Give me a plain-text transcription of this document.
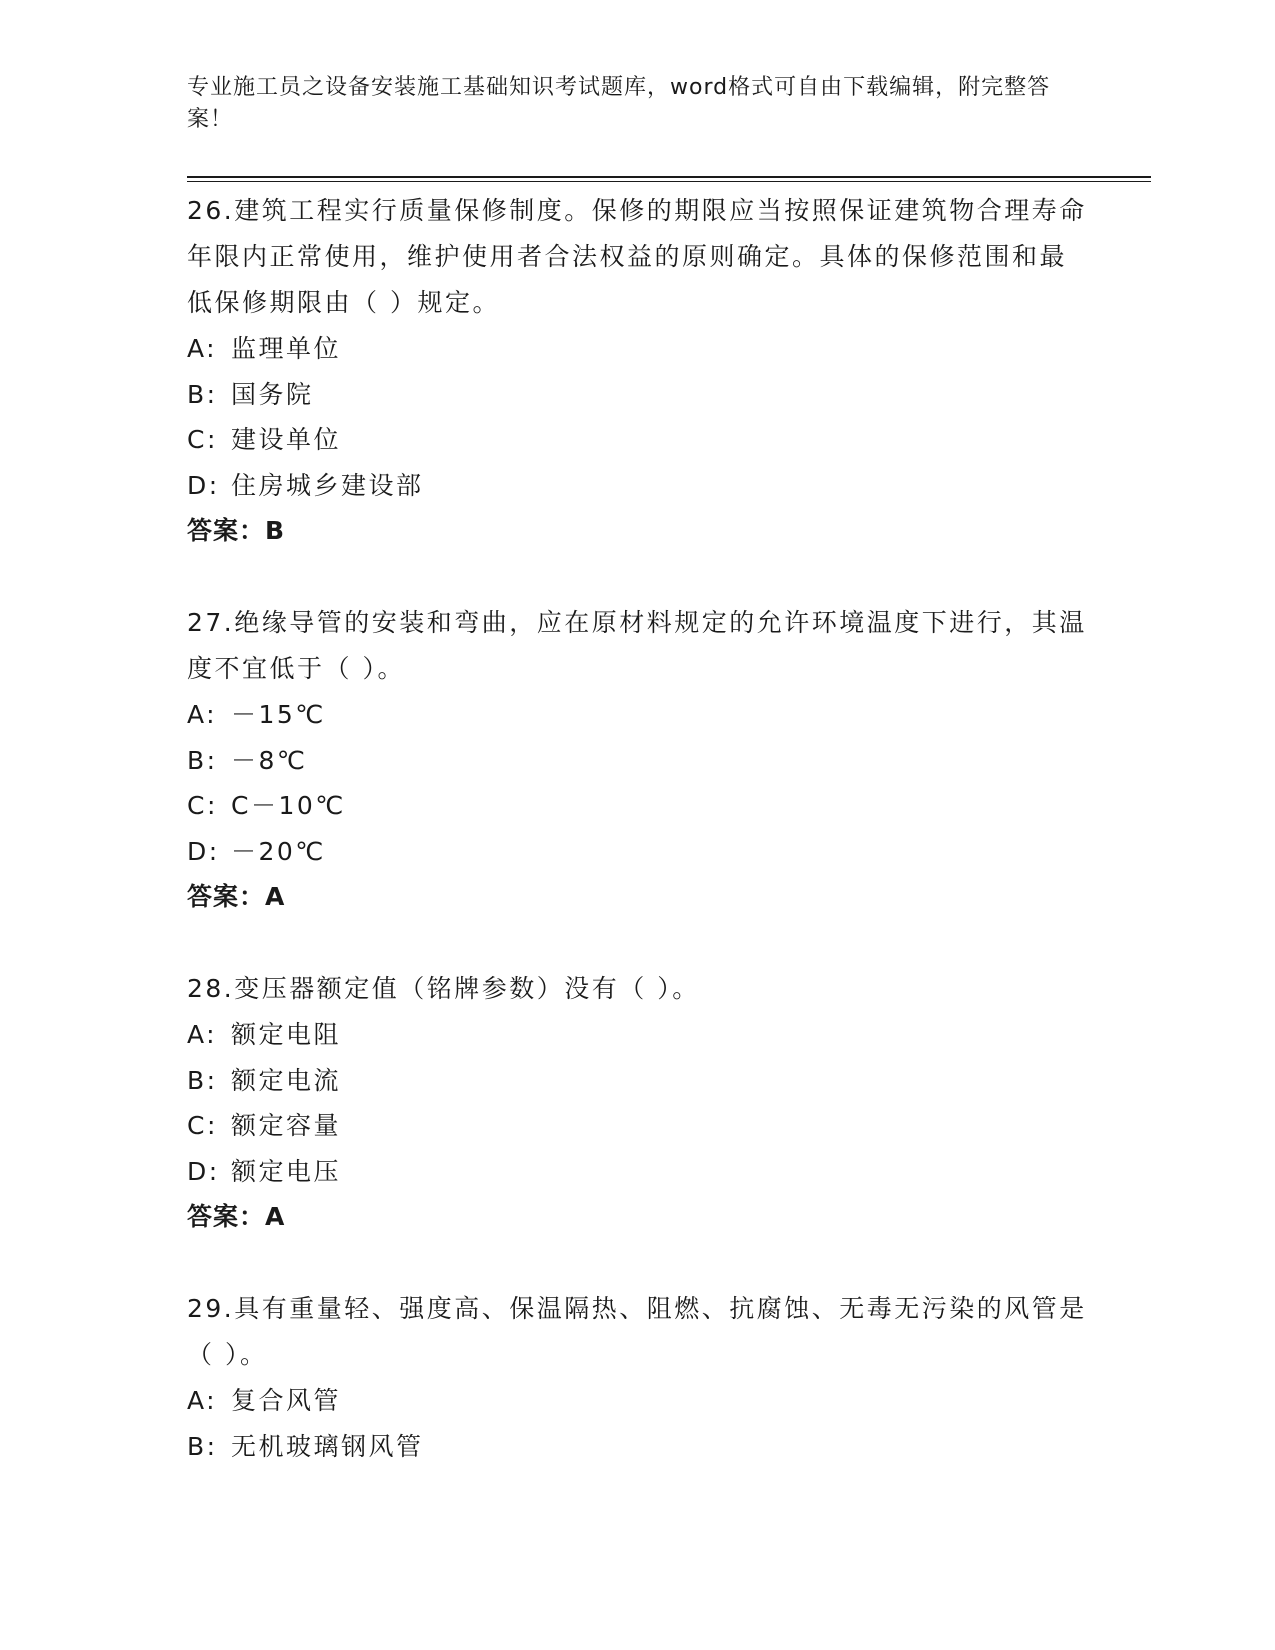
专业施工员之设备安装施工基础知识考试题库，word格式可自由下载编辑，附完整答案！

26.建筑工程实行质量保修制度。保修的期限应当按照保证建筑物合理寿命年限内正常使用，维护使用者合法权益的原则确定。具体的保修范围和最低保修期限由（ ）规定。

A: 监理单位
B: 国务院
C: 建设单位
D: 住房城乡建设部
答案：B

27.绝缘导管的安装和弯曲，应在原材料规定的允许环境温度下进行，其温度不宜低于（ ）。

A: －15℃
B: －8℃
C: C－10℃
D: －20℃
答案：A

28.变压器额定值（铭牌参数）没有（ ）。

A: 额定电阻
B: 额定电流
C: 额定容量
D: 额定电压
答案：A

29.具有重量轻、强度高、保温隔热、阻燃、抗腐蚀、无毒无污染的风管是（ ）。

A: 复合风管
B: 无机玻璃钢风管
